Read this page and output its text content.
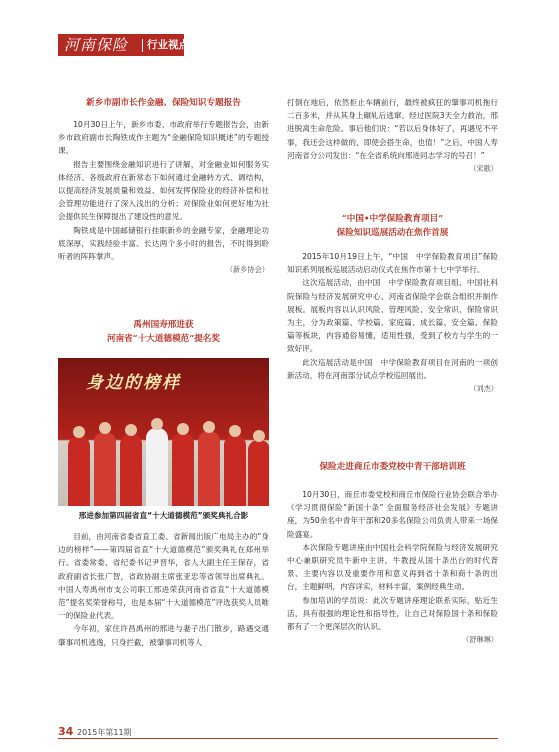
河南保险 行业视点
新乡市副市长作金融、保险知识专题报告

10月30日上午，新乡市委、市政府举行专题报告会，由新乡市政府副市长陶铁成作主题为“金融保险知识概述”的专题授课。

报告主要围绕金融知识进行了讲解，对金融业如何服务实体经济、各级政府在新常态下如何通过金融转方式、调结构，以提高经济发展质量和效益、如何发挥保险业的经济补偿和社会管理功能进行了深入浅出的分析；对保险业如何更好地为社会提供民生保障提出了建设性的意见。

陶铁成是中国邮储银行挂职新乡的金融专家，金融理论功底深厚，实践经验丰富。长达两个多小时的报告，不时得到聆听者的阵阵掌声。

（新乡协会）
禹州国寿邢进获
河南省“十大道德模范”提名奖
身边的榜样
邢进参加第四届省直“十大道德模范”颁奖典礼合影

目前，由河南省委省直工委、省新闻出版广电局主办的“身边的榜样”——第四届省直“十大道德模范”颁奖典礼在郑州举行。省委常委、省纪委书记尹晋华，省人大副主任王保存，省政府副省长张广智，省政协副主席张亚忠等省领导出席典礼。中国人寿禹州市支公司职工邢进荣获河南省省直“十大道德模范”提名奖荣誉称号，也是本届“十大道德模范”评选获奖人员唯一的保险业代表。

今年初，家住许昌禹州的邢进与妻子出门散步，路遇交通肇事司机逃逸，只身拦截，被肇事司机等人

打倒在地后，依然拒止车辆前行，最终被疯狂的肇事司机拖行二百多米，并从其身上碾轧后逃窜。经过医院3天全力救治，邢进脱离生命危险。事后他们说：“若以后身体好了，再遇见不平事，我还会这样做的，即使会搭生命，也值！”之后，中国人寿河南省分公司发出：“在全省系统向邢进同志学习的号召！”

（宋歌）
“中国•中学保险教育项目”
保险知识巡展活动在焦作首展

2015年10月19日上午，“中国　中学保险教育项目”保险知识系列展板巡展活动启动仪式在焦作市第十七中学举行。

这次巡展活动，由中国　中学保险教育项目组、中国社科院保险与经济发展研究中心、河南省保险学会联合组织并制作展板。展板内容以认识风险、管理风险、安全常识、保险常识为主，分为政策篇、学校篇、家庭篇、成长篇、安全篇、保险篇等板块，内容通俗易懂，适用性强，受到了校方与学生的一致好评。

此次巡展活动是中国　中学保险教育项目在河南的一项创新活动，将在河南部分试点学校巡回展出。

（刘杰）
保险走进商丘市委党校中青干部培训班

10月30日，商丘市委党校和商丘市保险行业协会联合举办《学习贯彻保险“新国十条” 全面服务经济社会发展》专题讲座，为50余名中青年干部和20多名保险公司负责人带来一场保险盛宴。

本次保险专题讲座由中国社会科学院保险与经济发展研究中心兼职研究员牛新中主讲。牛教授从国十条出台的时代背景、主要内容以及重要作用和意义再到省十条和商十条的出台，主题鲜明，内容详实，材料丰富，案例经典生动。

参加培训的学员说：此次专题讲座理论联系实际，贴近生活，具有很强的理论性和指导性，让自己对保险国十条和保险都有了一个更深层次的认识。

（舒琳琳）
34 2015年第11期
